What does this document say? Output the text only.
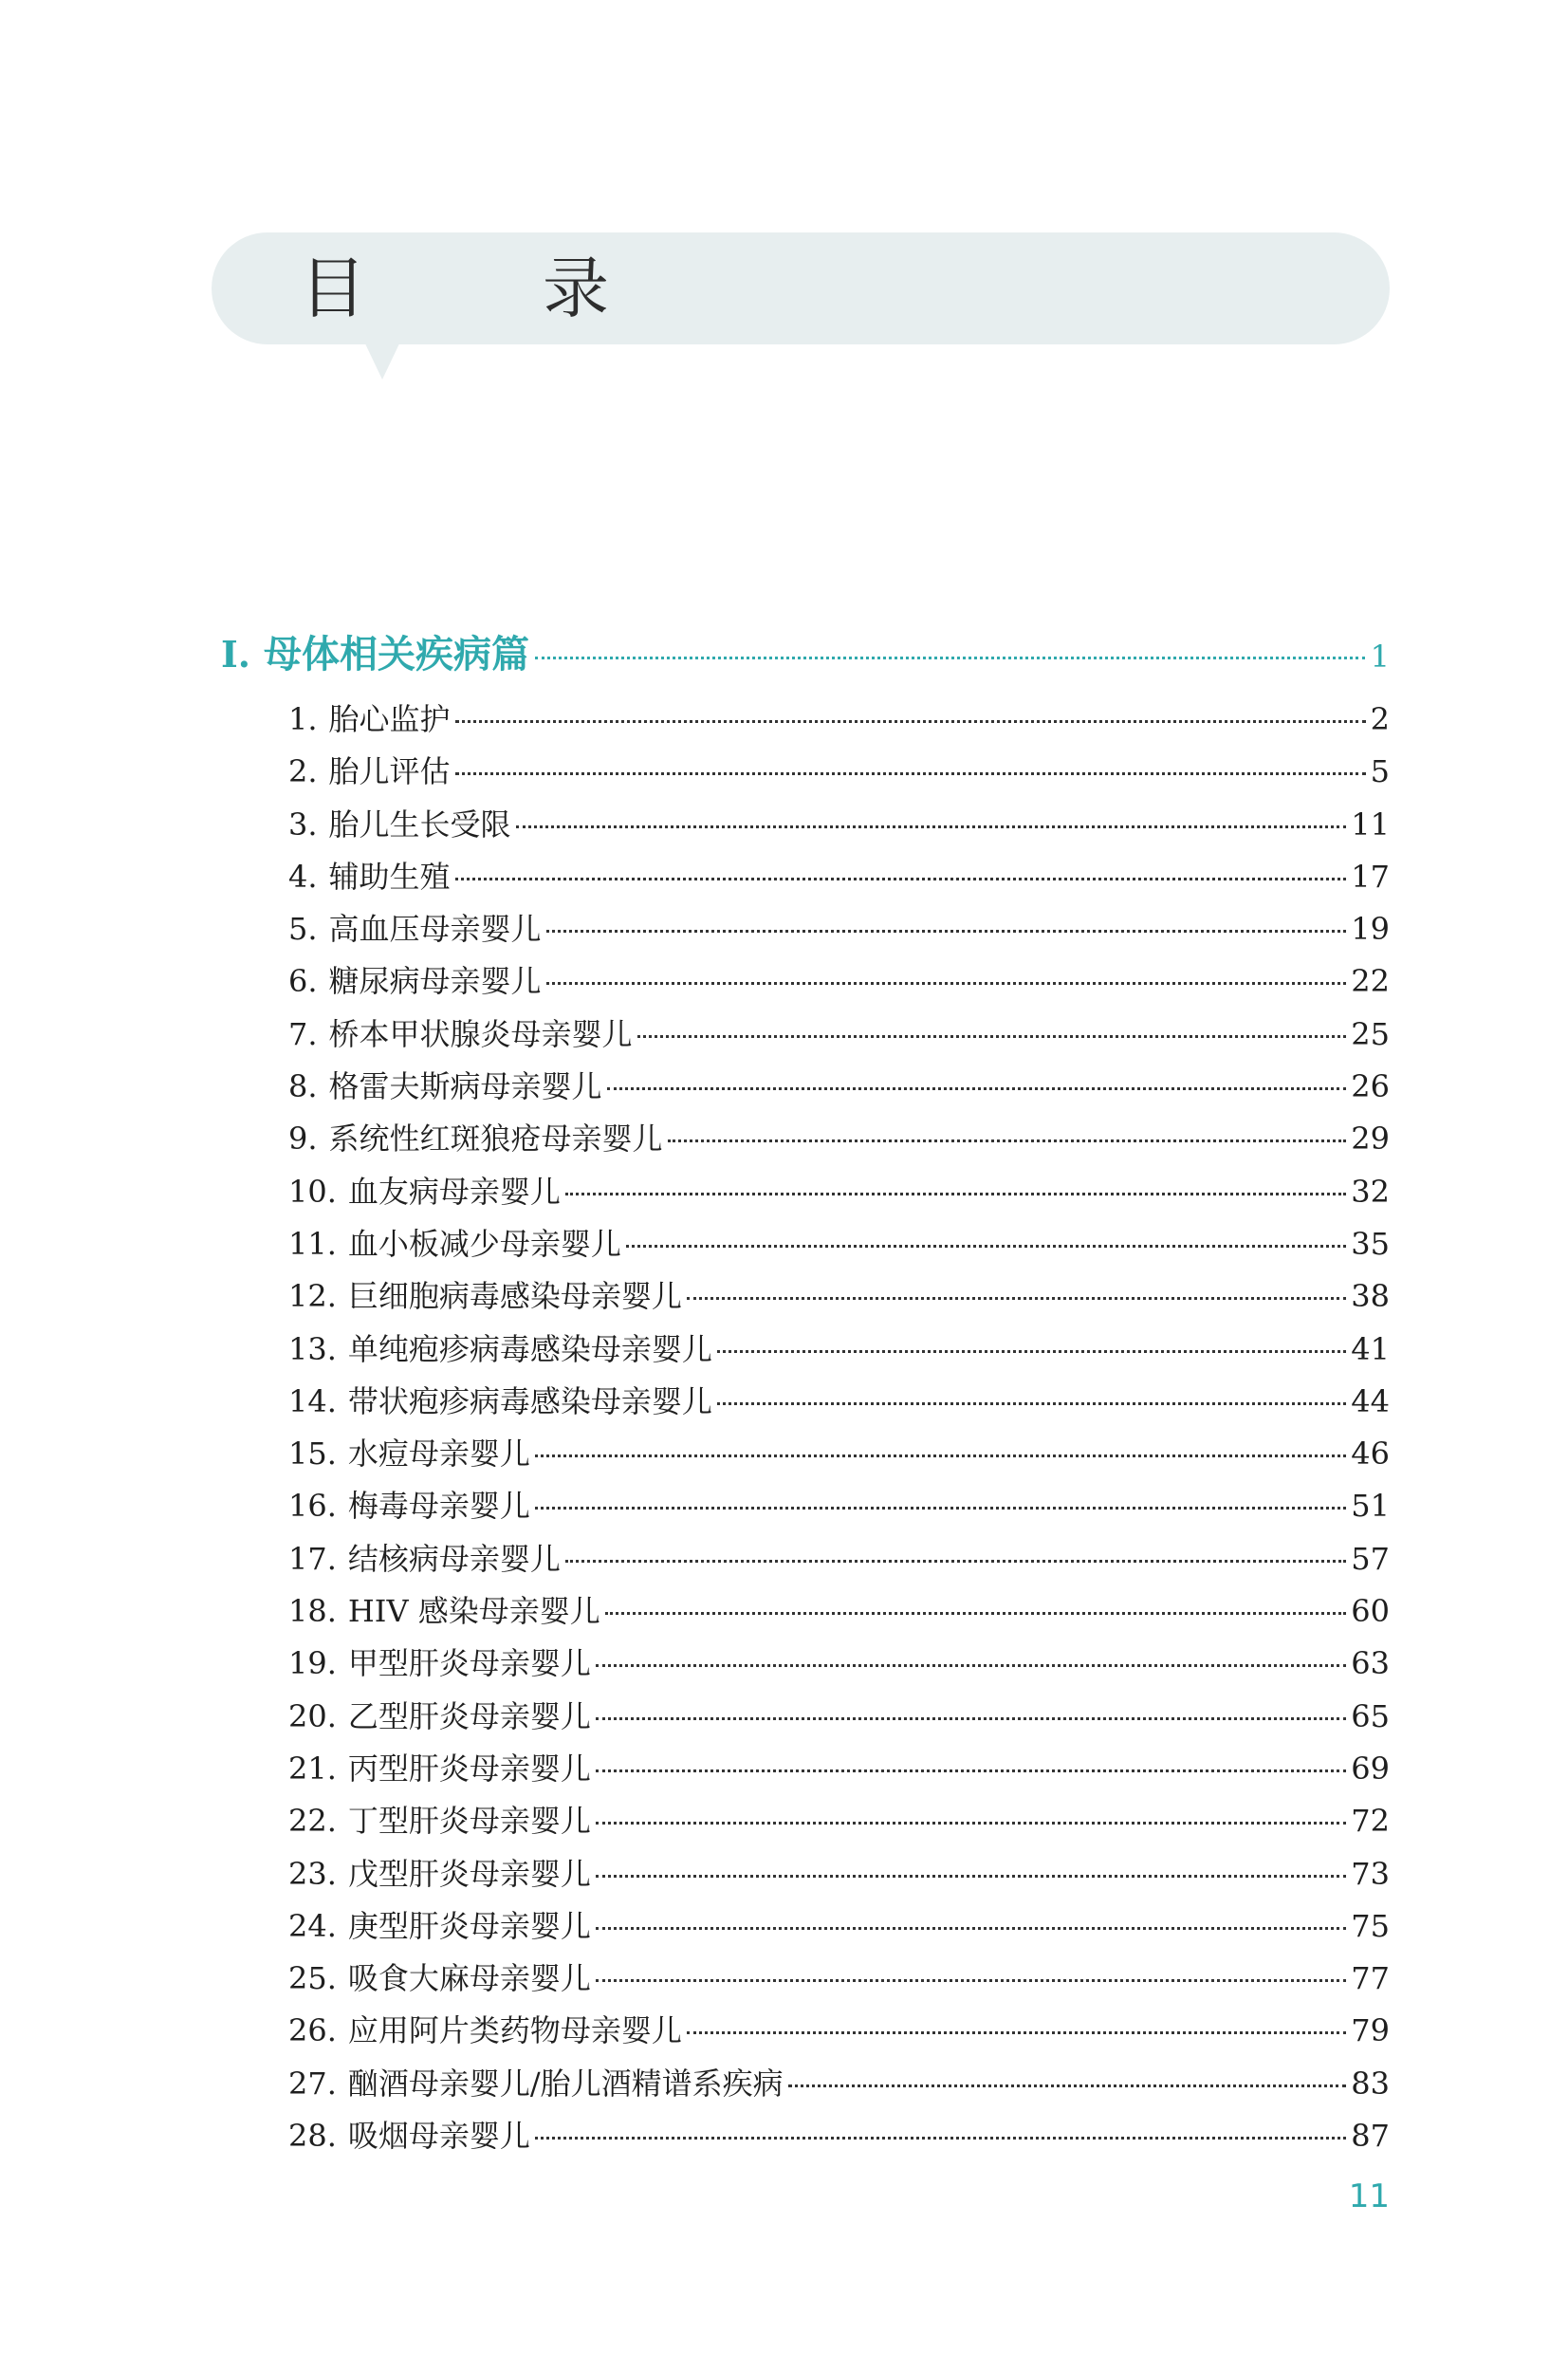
目　录
Ⅰ. 母体相关疾病篇	1
1. 胎心监护	2
2. 胎儿评估	5
3. 胎儿生长受限	11
4. 辅助生殖	17
5. 高血压母亲婴儿	19
6. 糖尿病母亲婴儿	22
7. 桥本甲状腺炎母亲婴儿	25
8. 格雷夫斯病母亲婴儿	26
9. 系统性红斑狼疮母亲婴儿	29
10. 血友病母亲婴儿	32
11. 血小板减少母亲婴儿	35
12. 巨细胞病毒感染母亲婴儿	38
13. 单纯疱疹病毒感染母亲婴儿	41
14. 带状疱疹病毒感染母亲婴儿	44
15. 水痘母亲婴儿	46
16. 梅毒母亲婴儿	51
17. 结核病母亲婴儿	57
18. HIV 感染母亲婴儿	60
19. 甲型肝炎母亲婴儿	63
20. 乙型肝炎母亲婴儿	65
21. 丙型肝炎母亲婴儿	69
22. 丁型肝炎母亲婴儿	72
23. 戊型肝炎母亲婴儿	73
24. 庚型肝炎母亲婴儿	75
25. 吸食大麻母亲婴儿	77
26. 应用阿片类药物母亲婴儿	79
27. 酗酒母亲婴儿/胎儿酒精谱系疾病	83
28. 吸烟母亲婴儿	87
11
